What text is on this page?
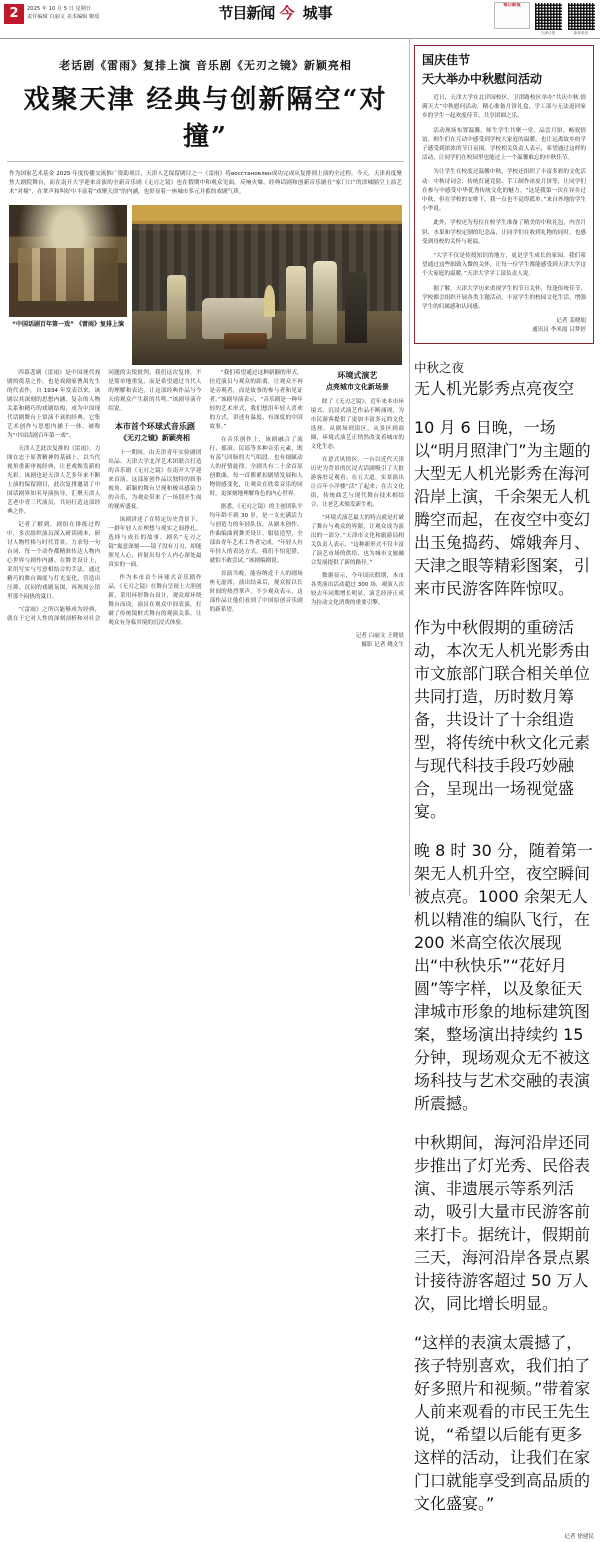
2	2025 年 10 月 5 日 星期日
责任编辑 白丽文 美术编辑 姬瑶	节目新闻 今 城事	每日新报
天津日报	新报微信
老话剧《雷雨》复排上演 音乐剧《无刃之镜》新颖亮相
戏聚天津 经典与创新隔空“对撞”
作为国家艺术基金 2025 年度传播交流推广资助项目，天津人艺保留剧目之一《雷雨》将восстановлен成功完成从复排到上演的全过程。今天，天津再度聚焦大剧院舞台，而在南开大学迎来首演的全新音乐剧《无刃之镜》也在假期中和观众见面。反响火爆，经典话剧和创新音乐剧在“家门口”的津城隔空上演艺术“对撞”，在掌声和叫好中丰富着“戏聚天津”的内涵，也彰显着一座城市多元并蓄的戏剧气质。
“中国话剧百年第一戏” 《雷雨》复排上演

四幕悲剧《雷雨》是中国现代戏剧的奠基之作，也是戏剧家曹禺先生的代表作。自 1934 年发表以来，该剧以其深刻的思想内涵、复杂的人物关系和精巧的戏剧结构，成为中国现代话剧舞台上常演不衰的经典。它集艺术创作与思想内涵于一体，被称为“中国话剧百年第一戏”。

天津人艺此次复排的《雷雨》，力图在忠于原著精神的基础上，以当代视角重新审视经典，让老戏焕发新的光彩。该剧也是天津人艺多年来不断上演的保留剧目，此次复排邀请了中国话剧界知名导演执导，汇聚天津人艺老中青三代演员，共同打造这部经典之作。

记者了解到，剧组在排练过程中，多次组织演员深入研读剧本，研讨人物性格与时代背景，力求每一句台词、每一个动作都精准传达人物内心世界与剧作内涵。在舞美设计上，采用写实与写意相结合的手法，通过精巧的舞台调度与灯光变化，营造出压抑、沉闷的戏剧氛围，再现周公馆里那个闷热的夏日。

“《雷雨》之所以能够成为经典，就在于它对人性的深刻剖析和对社会问题的尖锐批判。我们这次复排，不是简单地重复，而是希望通过当代人的理解和表达，让这部经典作品与今天的观众产生新的共鸣。”该剧导演介绍说。

本市首个环球式音乐剧
《无刃之镜》新颖亮相

十一期间，由天津青年实验剧团出品、天津大学北洋艺术团联合打造的音乐剧《无刃之镜》在南开大学迎来首演。这部原创作品以独特的叙事视角、新颖的舞台呈现和极具感染力的音乐，为观众带来了一场别开生面的视听盛宴。

该剧讲述了在特定历史背景下，一群年轻人在理想与现实之间挣扎、选择与成长的故事。剧名“无刃之镜”寓意深刻——镜子没有刀刃，却能照见人心，折射出每个人内心深处最真实的一面。

作为本市首个环球式音乐剧作品，《无刃之镜》在舞台呈现上大胆创新，采用环形舞台设计，观众席环绕舞台而设，演员在观众中间表演，打破了传统镜框式舞台的观演关系，让观众有身临其境的沉浸式体验。

“我们希望通过这种新颖的形式，拉近演员与观众的距离，让观众不再是旁观者，而是故事的参与者和见证者。”该剧导演表示，“音乐剧是一种年轻的艺术形式，我们想用年轻人喜欢的方式，讲述有温度、有深度的中国故事。”

在音乐创作上，该剧融合了流行、摇滚、民谣等多种音乐元素，既有荡气回肠的大气唱段，也有细腻动人的抒情旋律。全剧共有二十余首原创歌曲，每一首都紧扣剧情发展和人物情感变化，让观众在欣赏音乐的同时，更深刻地理解角色的内心世界。

据悉，《无刃之镜》的主创团队平均年龄不到 30 岁，是一支充满活力与创造力的年轻队伍。从剧本创作、作曲编曲到舞美设计、服装造型，全部由青年艺术工作者完成。“年轻人有年轻人的表达方式，我们不怕犯错，就怕不敢尝试。”该剧编剧说。

首演当晚，能容纳近千人的剧场座无虚席，演出结束后，观众报以长时间的热烈掌声。不少观众表示，这部作品让他们看到了中国原创音乐剧的新希望。

环境式演艺
点亮城市文化新场景

除了《无刃之镜》，近年来本市环境式、沉浸式演艺作品不断涌现，为市民游客提供了更加丰富多元的文化选择。从剧场到街区，从景区到商圈，环境式演艺正悄然改变着城市的文化生态。

在意式风情区，一台以近代天津历史为背景的沉浸式话剧吸引了大批游客驻足观看；在五大道，实景演出让百年小洋楼“活”了起来；在古文化街，传统曲艺与现代舞台技术相结合，让老艺术焕发新生机。

“环境式演艺最大的特点就是打破了舞台与观众的界限，让观众成为演出的一部分。”天津市文化和旅游局相关负责人表示，“这种新形式不仅丰富了演艺市场的供给，也为城市文旅融合发展提供了新的路径。”

数据显示，今年国庆假期，本市各类演出活动超过 300 场，观演人次较去年同期增长明显，演艺经济正成为拉动文化消费的重要引擎。

记者 白丽文 王晓晨
摄影 记者 姚文生
国庆佳节
天大举办中秋慰问活动

近日，天津大学在北洋园校区、卫津路校区举办“共庆中秋·情满天大”中秋慰问活动，精心准备月饼礼盒，学工部与无法返回家乡的学生一起欢度佳节，共享团圆之乐。

活动现场布置温馨，师生学生共聚一堂，品尝月饼、畅叙情谊。师生们在互动中感受到学校大家庭的温暖，也让远离故乡的学子感受到浓浓的节日氛围。学校相关负责人表示，希望通过这样的活动，让同学们在校园里也能过上一个温馨难忘的中秋佳节。

为让学生在校度过温馨中秋，学校还组织了丰富多彩的文化活动：中秋诗词会、传统灯谜竞猜、手工制作冰皮月饼等，让同学们在参与中感受中华优秀传统文化的魅力。“这是我第一次在异乡过中秋，但在学校的安排下，我一点也不觉得孤单。”来自外地的学生小李说。

此外，学校还为每位在校学生准备了精美的中秋礼包，内含月饼、水果和学校定制的纪念品，让同学们在收到礼物的同时，也感受到母校的关怀与祝福。

“大学不仅是传授知识的地方，更是学生成长的家园。我们希望通过这些细致入微的关怀，让每一位学生都能感受到天津大学这个大家庭的温暖。”天津大学学工部负责人说。

据了解，天津大学历来重视学生的节日关怀，每逢传统佳节，学校都会组织开展各类主题活动，丰富学生的校园文化生活，增强学生的归属感和认同感。

记者 姜晓娟
通讯员 李米霞 吕梦婷
中秋之夜
无人机光影秀点亮夜空

10 月 6 日晚，一场以“明月照津门”为主题的大型无人机光影秀在海河沿岸上演，千余架无人机腾空而起，在夜空中变幻出玉兔捣药、嫦娥奔月、天津之眼等精彩图案，引来市民游客阵阵惊叹。

作为中秋假期的重磅活动，本次无人机光影秀由市文旅部门联合相关单位共同打造，历时数月筹备，共设计了十余组造型，将传统中秋文化元素与现代科技手段巧妙融合，呈现出一场视觉盛宴。

晚 8 时 30 分，随着第一架无人机升空，夜空瞬间被点亮。1000 余架无人机以精准的编队飞行，在 200 米高空依次展现出“中秋快乐”“花好月圆”等字样，以及象征天津城市形象的地标建筑图案，整场演出持续约 15 分钟，现场观众无不被这场科技与艺术交融的表演所震撼。

中秋期间，海河沿岸还同步推出了灯光秀、民俗表演、非遗展示等系列活动，吸引大量市民游客前来打卡。据统计，假期前三天，海河沿岸各景点累计接待游客超过 50 万人次，同比增长明显。

“这样的表演太震撼了，孩子特别喜欢，我们拍了好多照片和视频。”带着家人前来观看的市民王先生说，“希望以后能有更多这样的活动，让我们在家门口就能享受到高品质的文化盛宴。”

记者 徐建民
